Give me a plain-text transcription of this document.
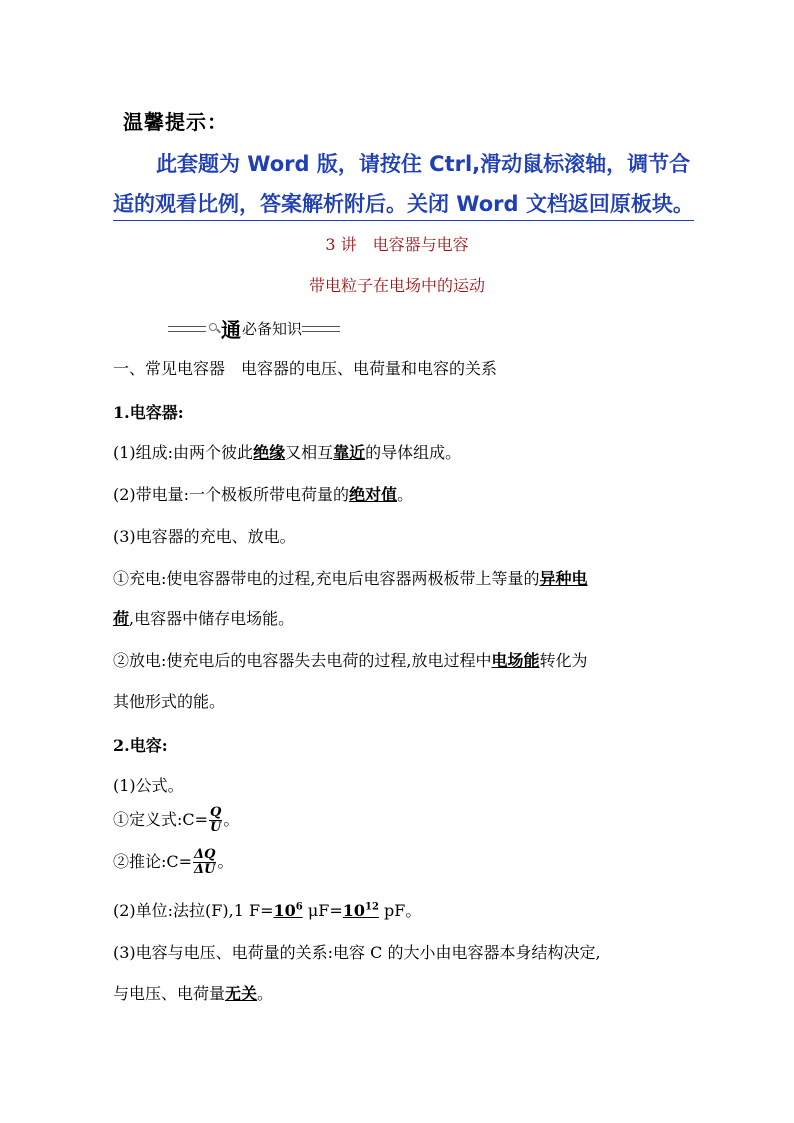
温馨提示：
此套题为 Word 版，请按住 Ctrl,滑动鼠标滚轴，调节合
适的观看比例，答案解析附后。关闭 Word 文档返回原板块。
3 讲　电容器与电容
带电粒子在电场中的运动
通 必备知识
一、常见电容器　电容器的电压、电荷量和电容的关系
1.电容器:
(1)组成:由两个彼此绝缘又相互靠近的导体组成。
(2)带电量:一个极板所带电荷量的绝对值。
(3)电容器的充电、放电。
①充电:使电容器带电的过程,充电后电容器两极板带上等量的异种电
荷,电容器中储存电场能。
②放电:使充电后的电容器失去电荷的过程,放电过程中电场能转化为
其他形式的能。
2.电容:
(1)公式。
①定义式:C= $\frac{Q}{U}$ 。
②推论:C= $\frac{\Delta Q}{\Delta U}$ 。
(2)单位:法拉(F),1 $F=10^6$ $\mu F=10^{12}$ pF。
(3)电容与电压、电荷量的关系:电容 C 的大小由电容器本身结构决定,
与电压、电荷量无关。
